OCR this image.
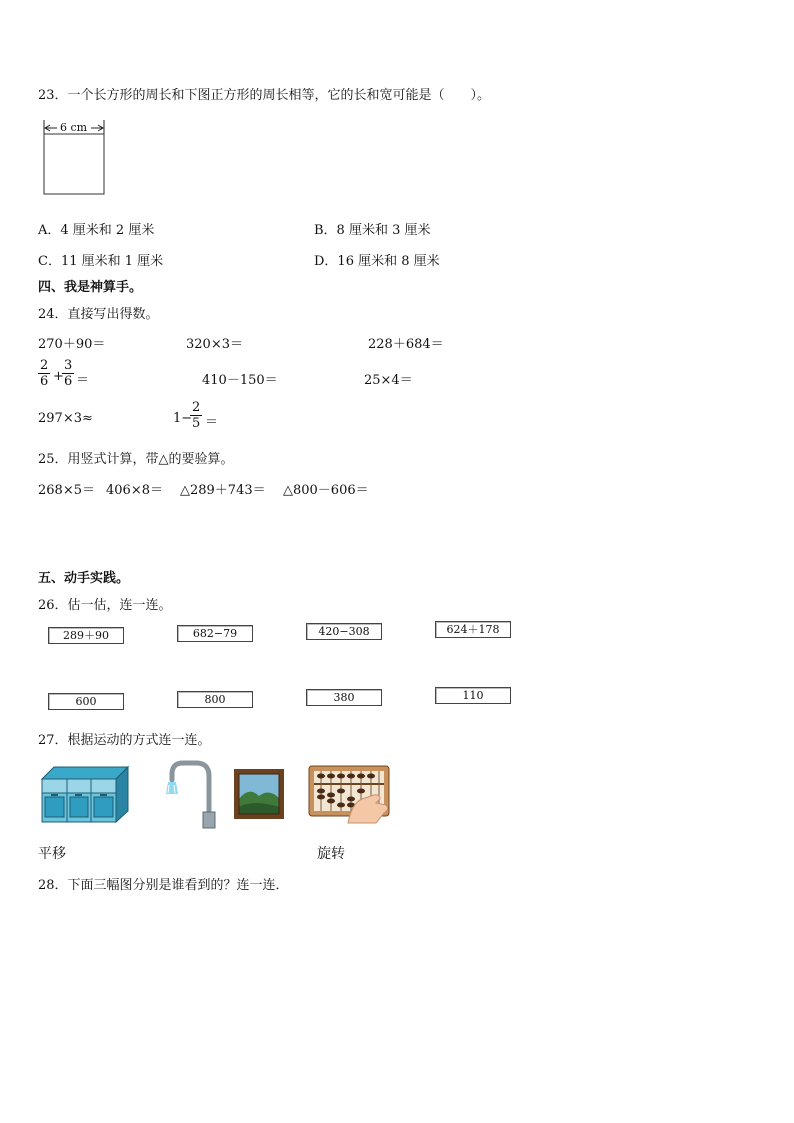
23．一个长方形的周长和下图正方形的周长相等，它的长和宽可能是（　　）。
6 cm
A．4 厘米和 2 厘米	B．8 厘米和 3 厘米
C．11 厘米和 1 厘米	D．16 厘米和 8 厘米
四、我是神算手。
24．直接写出得数。
270＋90＝	320×3＝	228＋684＝
2
6 +
3
6 ＝	410－150＝	25×4＝
297×3≈	1−
2
5 ＝
25．用竖式计算，带△的要验算。
268×5＝ 406×8＝ △289＋743＝ △800－606＝
五、动手实践。
26．估一估，连一连。
289＋90	682−79	420−308	624＋178
600	800	380	110
27．根据运动的方式连一连。
平移	旋转
28．下面三幅图分别是谁看到的？连一连．
